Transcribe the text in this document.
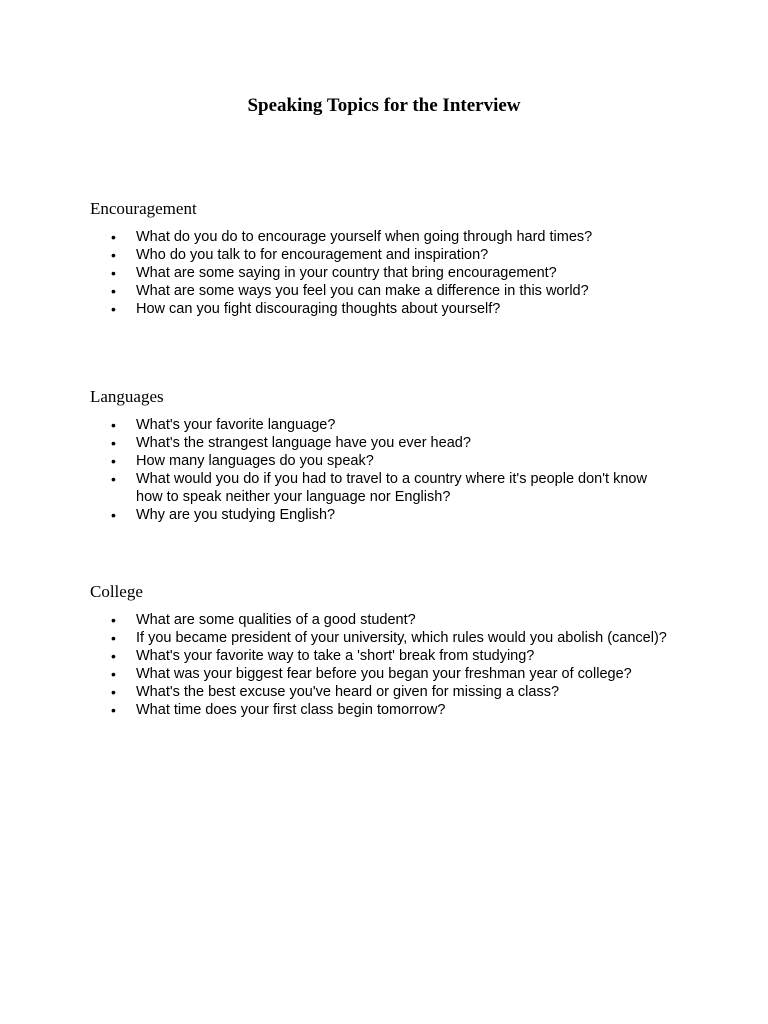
Speaking Topics for the Interview
Encouragement
• What do you do to encourage yourself when going through hard times?
• Who do you talk to for encouragement and inspiration?
• What are some saying in your country that bring encouragement?
• What are some ways you feel you can make a difference in this world?
• How can you fight discouraging thoughts about yourself?
Languages
• What's your favorite language?
• What's the strangest language have you ever head?
• How many languages do you speak?
• What would you do if you had to travel to a country where it's people don't know how to speak neither your language nor English?
• Why are you studying English?
College
• What are some qualities of a good student?
• If you became president of your university, which rules would you abolish (cancel)?
• What's your favorite way to take a 'short' break from studying?
• What was your biggest fear before you began your freshman year of college?
• What's the best excuse you've heard or given for missing a class?
• What time does your first class begin tomorrow?
